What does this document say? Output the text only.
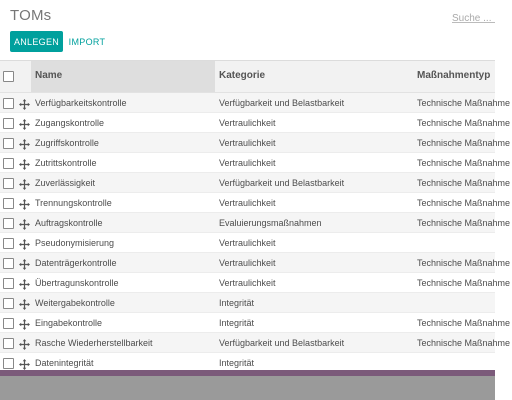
TOMs
Suche ...
ANLEGEN	IMPORT
Name	Kategorie	Maßnahmentyp
Verfügbarkeitskontrolle	Verfügbarkeit und Belastbarkeit	Technische Maßnahme
Zugangskontrolle	Vertraulichkeit	Technische Maßnahme
Zugriffskontrolle	Vertraulichkeit	Technische Maßnahme
Zutrittskontrolle	Vertraulichkeit	Technische Maßnahme
Zuverlässigkeit	Verfügbarkeit und Belastbarkeit	Technische Maßnahme
Trennungskontrolle	Vertraulichkeit	Technische Maßnahme
Auftragskontrolle	Evaluierungsmaßnahmen	Technische Maßnahme
Pseudonymisierung	Vertraulichkeit
Datenträgerkontrolle	Vertraulichkeit	Technische Maßnahme
Übertragunskontrolle	Vertraulichkeit	Technische Maßnahme
Weitergabekontrolle	Integrität
Eingabekontrolle	Integrität	Technische Maßnahme
Rasche Wiederherstellbarkeit	Verfügbarkeit und Belastbarkeit	Technische Maßnahme
Datenintegrität	Integrität
